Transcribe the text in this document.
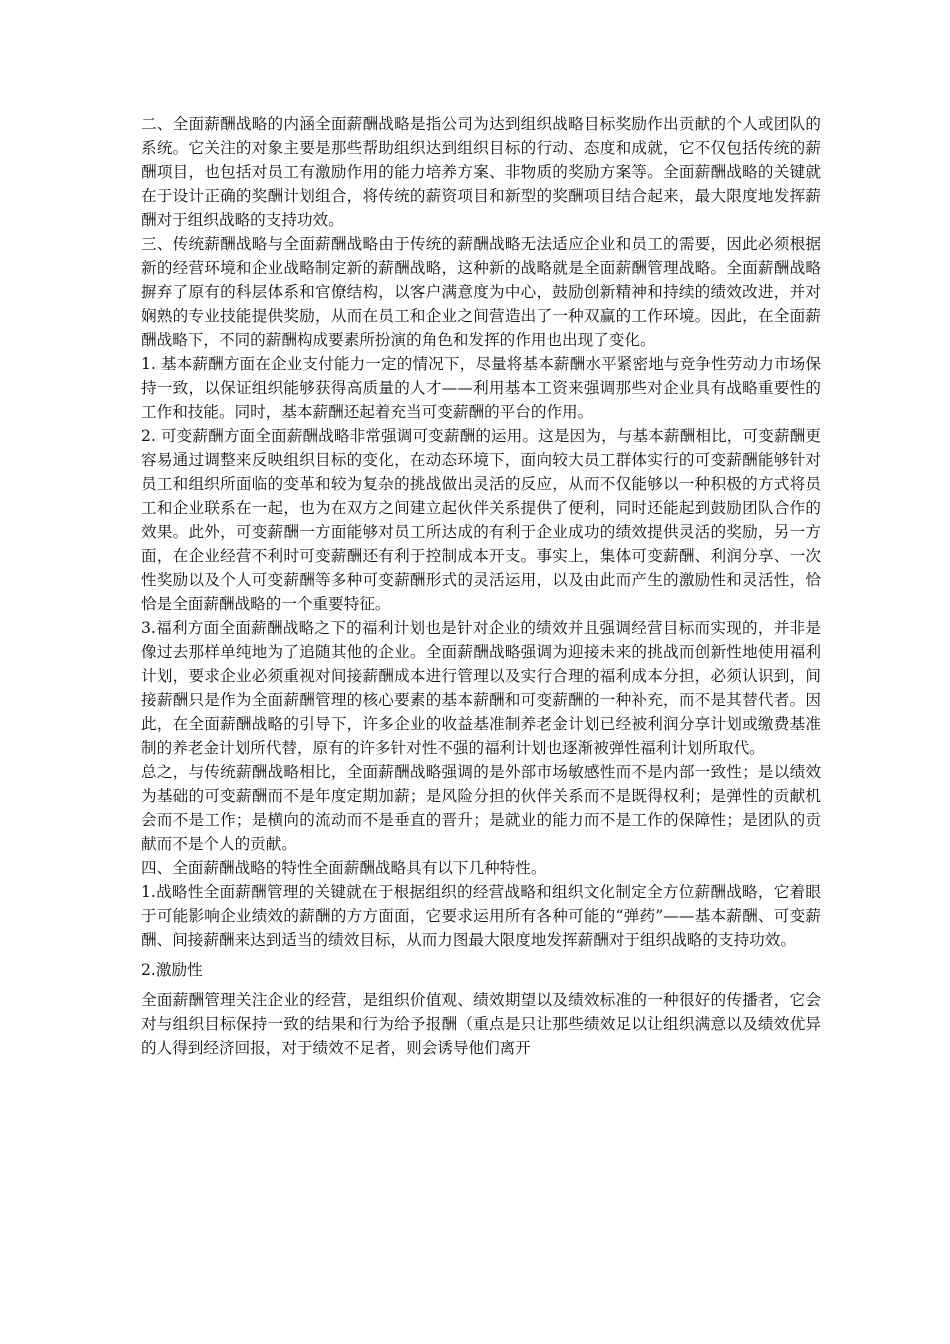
二、全面薪酬战略的内涵全面薪酬战略是指公司为达到组织战略目标奖励作出贡献的个人或团队的系统。它关注的对象主要是那些帮助组织达到组织目标的行动、态度和成就，它不仅包括传统的薪酬项目，也包括对员工有激励作用的能力培养方案、非物质的奖励方案等。全面薪酬战略的关键就在于设计正确的奖酬计划组合，将传统的薪资项目和新型的奖酬项目结合起来，最大限度地发挥薪酬对于组织战略的支持功效。

三、传统薪酬战略与全面薪酬战略由于传统的薪酬战略无法适应企业和员工的需要，因此必须根据新的经营环境和企业战略制定新的薪酬战略，这种新的战略就是全面薪酬管理战略。全面薪酬战略摒弃了原有的科层体系和官僚结构，以客户满意度为中心，鼓励创新精神和持续的绩效改进，并对娴熟的专业技能提供奖励，从而在员工和企业之间营造出了一种双赢的工作环境。因此，在全面薪酬战略下，不同的薪酬构成要素所扮演的角色和发挥的作用也出现了变化。

1. 基本薪酬方面在企业支付能力一定的情况下，尽量将基本薪酬水平紧密地与竞争性劳动力市场保持一致，以保证组织能够获得高质量的人才——利用基本工资来强调那些对企业具有战略重要性的工作和技能。同时，基本薪酬还起着充当可变薪酬的平台的作用。

2. 可变薪酬方面全面薪酬战略非常强调可变薪酬的运用。这是因为，与基本薪酬相比，可变薪酬更容易通过调整来反映组织目标的变化，在动态环境下，面向较大员工群体实行的可变薪酬能够针对员工和组织所面临的变革和较为复杂的挑战做出灵活的反应，从而不仅能够以一种积极的方式将员工和企业联系在一起，也为在双方之间建立起伙伴关系提供了便利，同时还能起到鼓励团队合作的效果。此外，可变薪酬一方面能够对员工所达成的有利于企业成功的绩效提供灵活的奖励，另一方面，在企业经营不利时可变薪酬还有利于控制成本开支。事实上，集体可变薪酬、利润分享、一次性奖励以及个人可变薪酬等多种可变薪酬形式的灵活运用，以及由此而产生的激励性和灵活性，恰恰是全面薪酬战略的一个重要特征。

3.福利方面全面薪酬战略之下的福利计划也是针对企业的绩效并且强调经营目标而实现的，并非是像过去那样单纯地为了追随其他的企业。全面薪酬战略强调为迎接未来的挑战而创新性地使用福利计划，要求企业必须重视对间接薪酬成本进行管理以及实行合理的福利成本分担，必须认识到，间接薪酬只是作为全面薪酬管理的核心要素的基本薪酬和可变薪酬的一种补充，而不是其替代者。因此，在全面薪酬战略的引导下，许多企业的收益基准制养老金计划已经被利润分享计划或缴费基准制的养老金计划所代替，原有的许多针对性不强的福利计划也逐渐被弹性福利计划所取代。

总之，与传统薪酬战略相比，全面薪酬战略强调的是外部市场敏感性而不是内部一致性；是以绩效为基础的可变薪酬而不是年度定期加薪；是风险分担的伙伴关系而不是既得权利；是弹性的贡献机会而不是工作；是横向的流动而不是垂直的晋升；是就业的能力而不是工作的保障性；是团队的贡献而不是个人的贡献。

四、全面薪酬战略的特性全面薪酬战略具有以下几种特性。

1.战略性全面薪酬管理的关键就在于根据组织的经营战略和组织文化制定全方位薪酬战略，它着眼于可能影响企业绩效的薪酬的方方面面，它要求运用所有各种可能的“弹药”——基本薪酬、可变薪酬、间接薪酬来达到适当的绩效目标，从而力图最大限度地发挥薪酬对于组织战略的支持功效。

2.激励性

全面薪酬管理关注企业的经营，是组织价值观、绩效期望以及绩效标准的一种很好的传播者，它会对与组织目标保持一致的结果和行为给予报酬（重点是只让那些绩效足以让组织满意以及绩效优异的人得到经济回报，对于绩效不足者，则会诱导他们离开
